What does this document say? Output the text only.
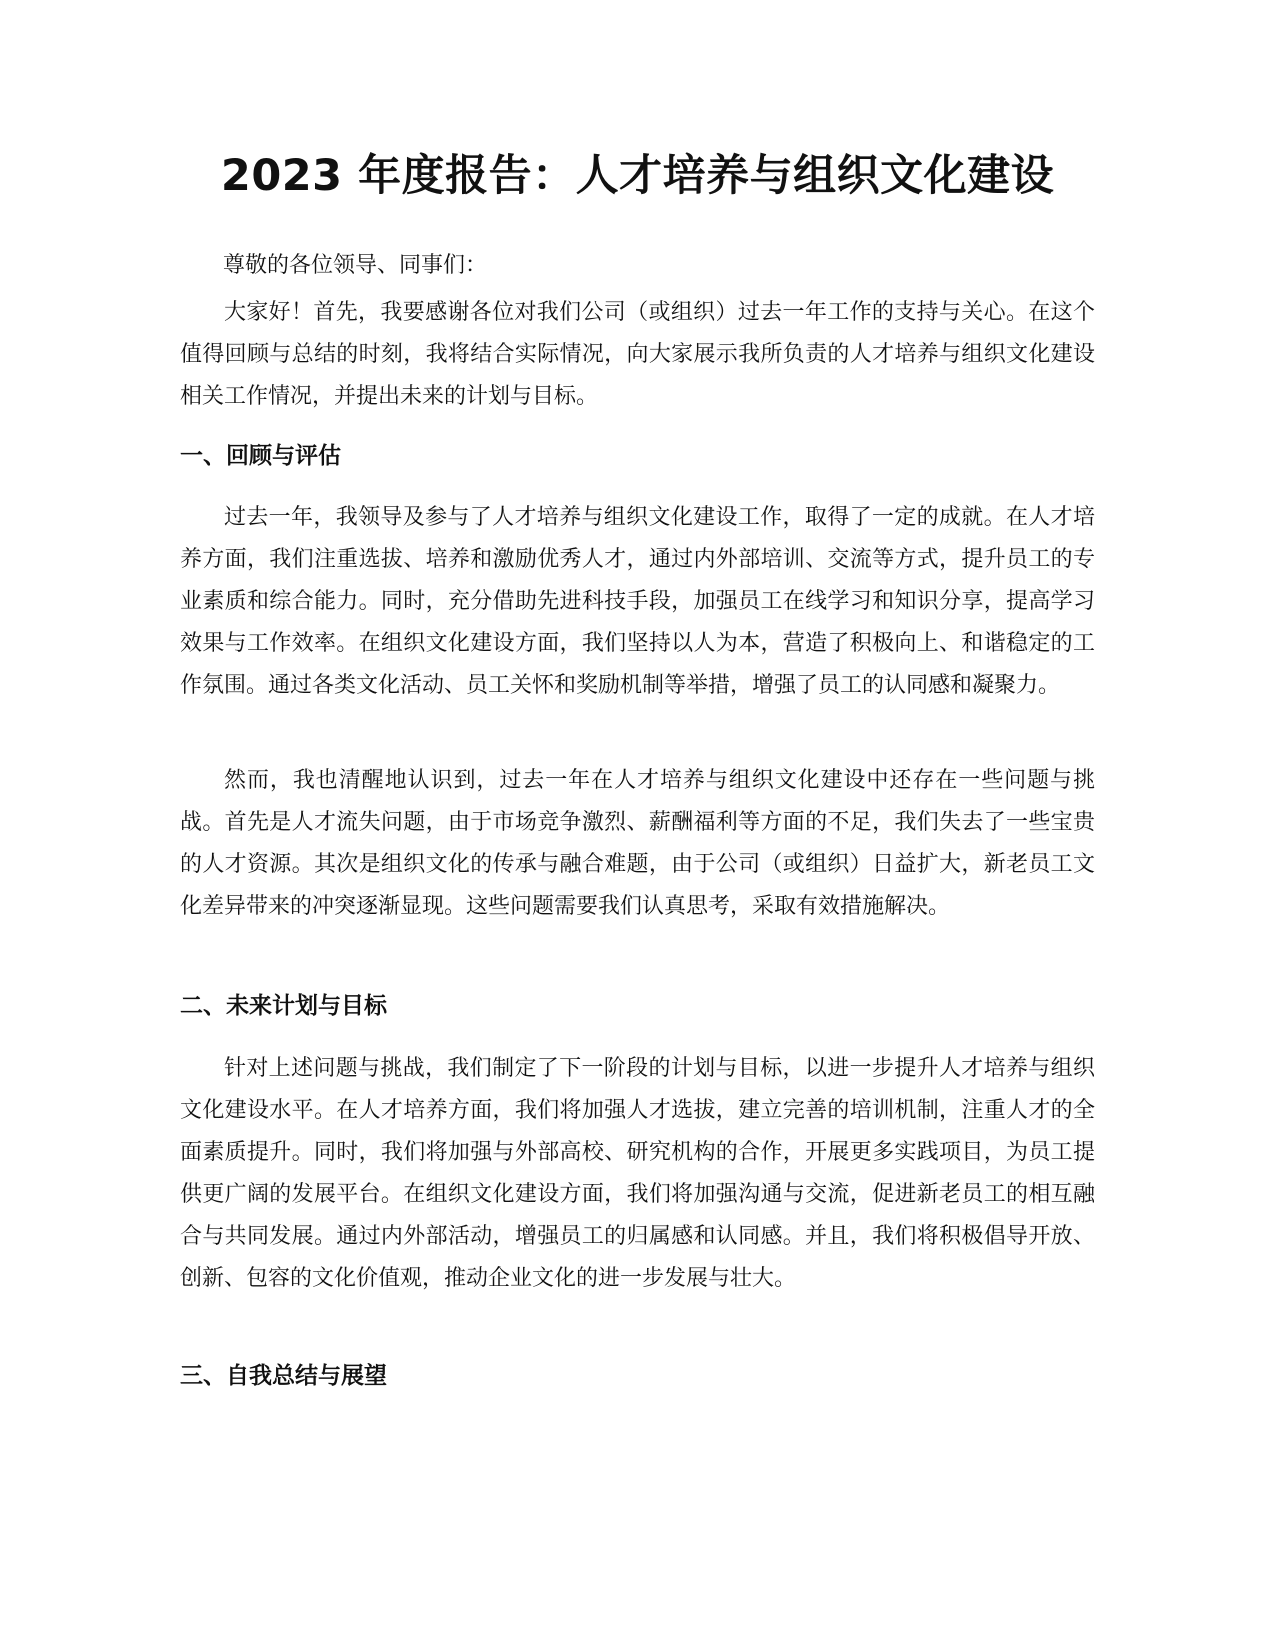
2023 年度报告：人才培养与组织文化建设

尊敬的各位领导、同事们：

大家好！首先，我要感谢各位对我们公司（或组织）过去一年工作的支持与关心。在这个值得回顾与总结的时刻，我将结合实际情况，向大家展示我所负责的人才培养与组织文化建设相关工作情况，并提出未来的计划与目标。

一、回顾与评估

过去一年，我领导及参与了人才培养与组织文化建设工作，取得了一定的成就。在人才培养方面，我们注重选拔、培养和激励优秀人才，通过内外部培训、交流等方式，提升员工的专业素质和综合能力。同时，充分借助先进科技手段，加强员工在线学习和知识分享，提高学习效果与工作效率。在组织文化建设方面，我们坚持以人为本，营造了积极向上、和谐稳定的工作氛围。通过各类文化活动、员工关怀和奖励机制等举措，增强了员工的认同感和凝聚力。

然而，我也清醒地认识到，过去一年在人才培养与组织文化建设中还存在一些问题与挑战。首先是人才流失问题，由于市场竞争激烈、薪酬福利等方面的不足，我们失去了一些宝贵的人才资源。其次是组织文化的传承与融合难题，由于公司（或组织）日益扩大，新老员工文化差异带来的冲突逐渐显现。这些问题需要我们认真思考，采取有效措施解决。

二、未来计划与目标

针对上述问题与挑战，我们制定了下一阶段的计划与目标，以进一步提升人才培养与组织文化建设水平。在人才培养方面，我们将加强人才选拔，建立完善的培训机制，注重人才的全面素质提升。同时，我们将加强与外部高校、研究机构的合作，开展更多实践项目，为员工提供更广阔的发展平台。在组织文化建设方面，我们将加强沟通与交流，促进新老员工的相互融合与共同发展。通过内外部活动，增强员工的归属感和认同感。并且，我们将积极倡导开放、创新、包容的文化价值观，推动企业文化的进一步发展与壮大。

三、自我总结与展望
